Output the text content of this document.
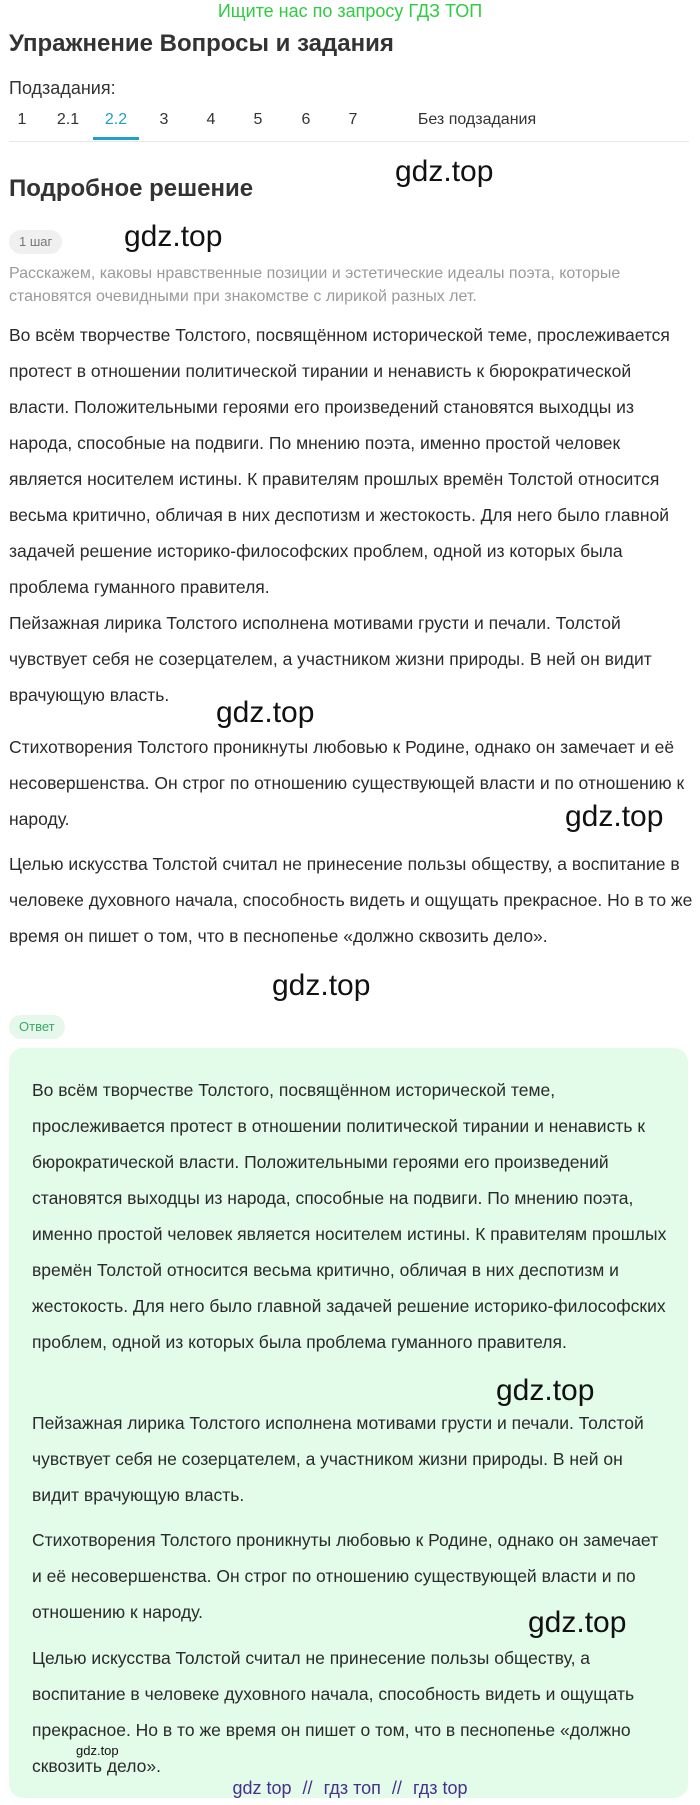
Ищите нас по запросу ГДЗ ТОП
Упражнение Вопросы и задания
Подзадания:
1 2.1	2.2	3 4 5 6 7	Без подзадания
Подробное решение
1 шаг
Расскажем, каковы нравственные позиции и эстетические идеалы поэта, которые становятся очевидными при знакомстве с лирикой разных лет.

Во всём творчестве Толстого, посвящённом исторической теме, прослеживается протест в отношении политической тирании и ненависть к бюрократической власти. Положительными героями его произведений становятся выходцы из народа, способные на подвиги. По мнению поэта, именно простой человек является носителем истины. К правителям прошлых времён Толстой относится весьма критично, обличая в них деспотизм и жестокость. Для него было главной задачей решение историко-философских проблем, одной из которых была проблема гуманного правителя.

Пейзажная лирика Толстого исполнена мотивами грусти и печали. Толстой чувствует себя не созерцателем, а участником жизни природы. В ней он видит врачующую власть.

Стихотворения Толстого проникнуты любовью к Родине, однако он замечает и её несовершенства. Он строг по отношению существующей власти и по отношению к народу.

Целью искусства Толстой считал не принесение пользы обществу, а воспитание в человеке духовного начала, способность видеть и ощущать прекрасное. Но в то же время он пишет о том, что в песнопенье «должно сквозить дело».

Ответ

Во всём творчестве Толстого, посвящённом исторической теме, прослеживается протест в отношении политической тирании и ненависть к бюрократической власти. Положительными героями его произведений становятся выходцы из народа, способные на подвиги. По мнению поэта, именно простой человек является носителем истины. К правителям прошлых времён Толстой относится весьма критично, обличая в них деспотизм и жестокость. Для него было главной задачей решение историко-философских проблем, одной из которых была проблема гуманного правителя.

Пейзажная лирика Толстого исполнена мотивами грусти и печали. Толстой чувствует себя не созерцателем, а участником жизни природы. В ней он видит врачующую власть.

Стихотворения Толстого проникнуты любовью к Родине, однако он замечает и её несовершенства. Он строг по отношению существующей власти и по отношению к народу.

Целью искусства Толстой считал не принесение пользы обществу, а воспитание в человеке духовного начала, способность видеть и ощущать прекрасное. Но в то же время он пишет о том, что в песнопенье «должно сквозить дело».

gdz.top
gdz.top
gdz.top
gdz.top
gdz.top
gdz.top
gdz.top
gdz.top
gdz top // гдз топ // гдз top
